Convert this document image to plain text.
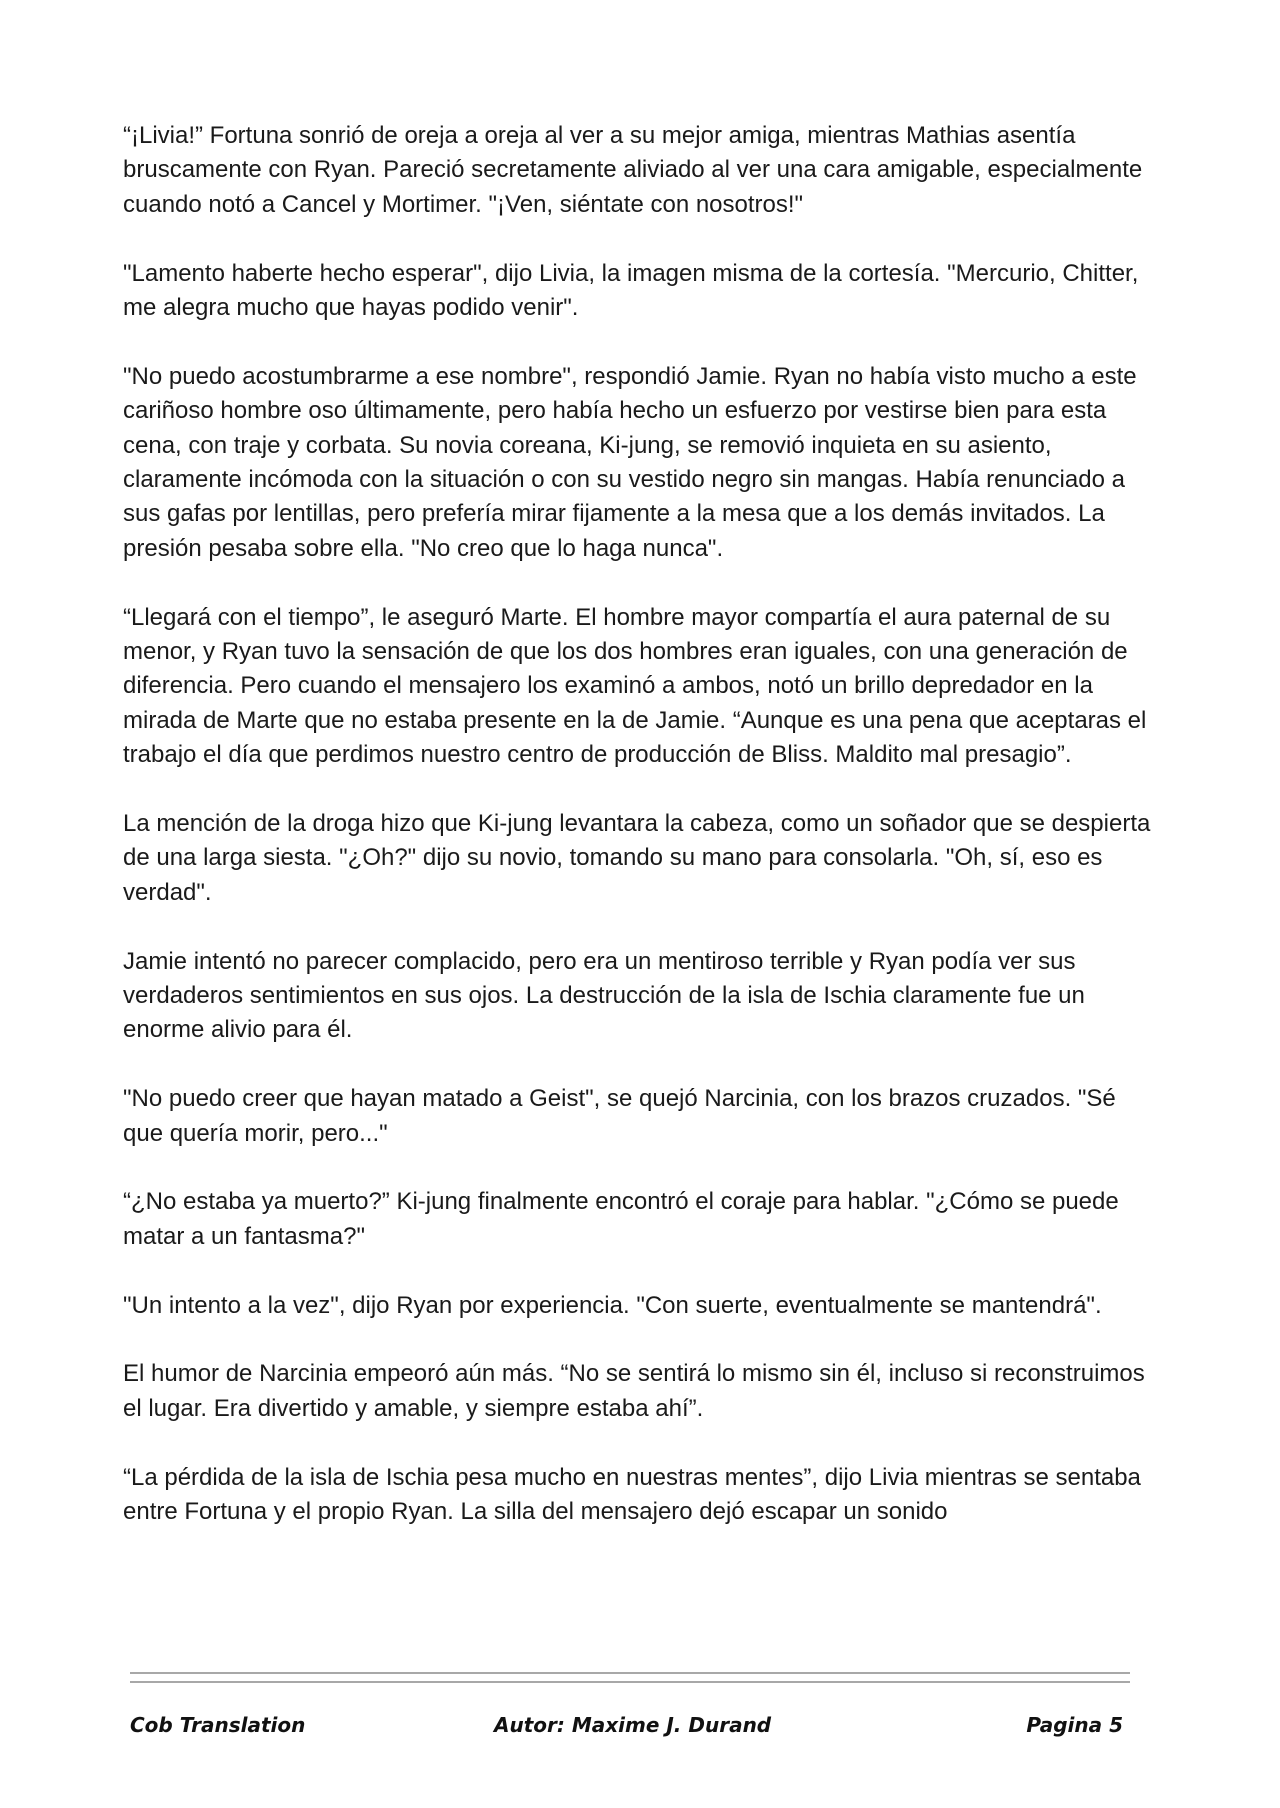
“¡Livia!” Fortuna sonrió de oreja a oreja al ver a su mejor amiga, mientras Mathias asentía bruscamente con Ryan. Pareció secretamente aliviado al ver una cara amigable, especialmente cuando notó a Cancel y Mortimer. "¡Ven, siéntate con nosotros!"

"Lamento haberte hecho esperar", dijo Livia, la imagen misma de la cortesía. "Mercurio, Chitter, me alegra mucho que hayas podido venir".

"No puedo acostumbrarme a ese nombre", respondió Jamie. Ryan no había visto mucho a este cariñoso hombre oso últimamente, pero había hecho un esfuerzo por vestirse bien para esta cena, con traje y corbata. Su novia coreana, Ki-jung, se removió inquieta en su asiento, claramente incómoda con la situación o con su vestido negro sin mangas. Había renunciado a sus gafas por lentillas, pero prefería mirar fijamente a la mesa que a los demás invitados. La presión pesaba sobre ella. "No creo que lo haga nunca".

“Llegará con el tiempo”, le aseguró Marte. El hombre mayor compartía el aura paternal de su menor, y Ryan tuvo la sensación de que los dos hombres eran iguales, con una generación de diferencia. Pero cuando el mensajero los examinó a ambos, notó un brillo depredador en la mirada de Marte que no estaba presente en la de Jamie. “Aunque es una pena que aceptaras el trabajo el día que perdimos nuestro centro de producción de Bliss. Maldito mal presagio”.

La mención de la droga hizo que Ki-jung levantara la cabeza, como un soñador que se despierta de una larga siesta. "¿Oh?" dijo su novio, tomando su mano para consolarla. "Oh, sí, eso es verdad".

Jamie intentó no parecer complacido, pero era un mentiroso terrible y Ryan podía ver sus verdaderos sentimientos en sus ojos. La destrucción de la isla de Ischia claramente fue un enorme alivio para él.

"No puedo creer que hayan matado a Geist", se quejó Narcinia, con los brazos cruzados. "Sé que quería morir, pero..."

“¿No estaba ya muerto?” Ki-jung finalmente encontró el coraje para hablar. "¿Cómo se puede matar a un fantasma?"

"Un intento a la vez", dijo Ryan por experiencia. "Con suerte, eventualmente se mantendrá".

El humor de Narcinia empeoró aún más. “No se sentirá lo mismo sin él, incluso si reconstruimos el lugar. Era divertido y amable, y siempre estaba ahí”.

“La pérdida de la isla de Ischia pesa mucho en nuestras mentes”, dijo Livia mientras se sentaba entre Fortuna y el propio Ryan. La silla del mensajero dejó escapar un sonido

Cob Translation	Autor: Maxime J. Durand	Pagina 5
